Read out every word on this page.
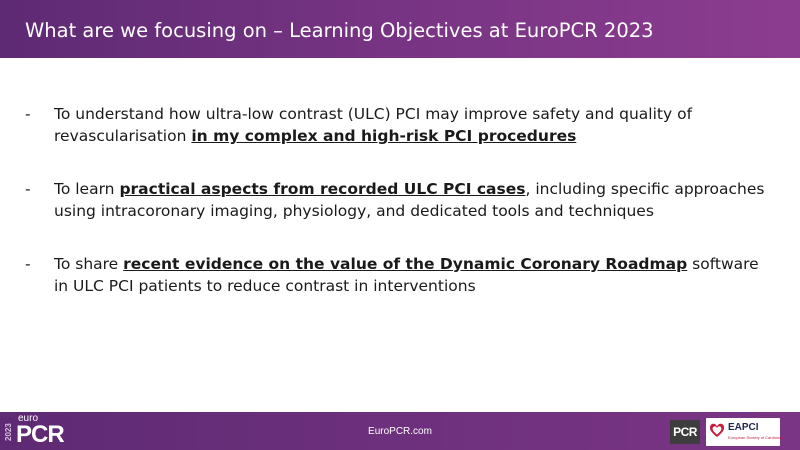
What are we focusing on – Learning Objectives at EuroPCR 2023
- To understand how ultra-low contrast (ULC) PCI may improve safety and quality of revascularisation in my complex and high-risk PCI procedures
- To learn practical aspects from recorded ULC PCI cases, including specific approaches using intracoronary imaging, physiology, and dedicated tools and techniques
- To share recent evidence on the value of the Dynamic Coronary Roadmap software in ULC PCI patients to reduce contrast in interventions
2023
euro
PCR	EuroPCR.com	PCR	EAPCI
European Society of Cardiology
